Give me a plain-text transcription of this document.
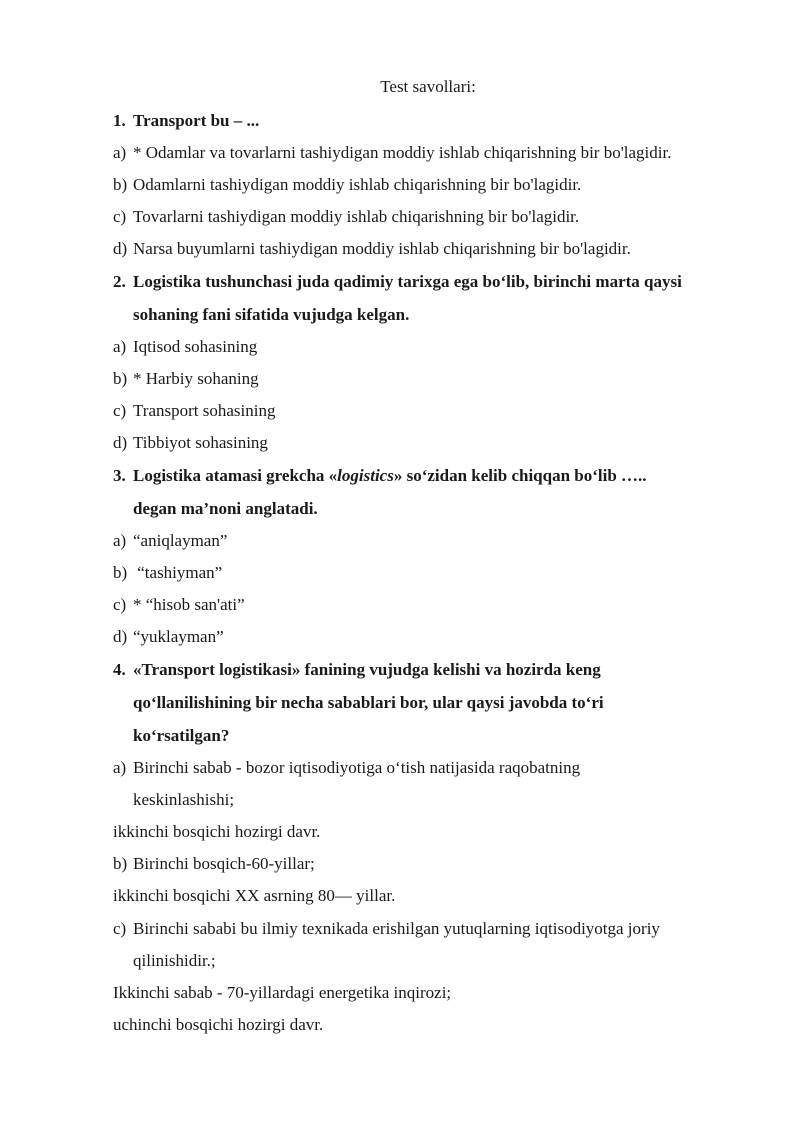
Test savollari:
1. Transport bu – ...
a) * Odamlar va tovarlarni tashiydigan moddiy ishlab chiqarishning bir bo'lagidir.
b) Odamlarni tashiydigan moddiy ishlab chiqarishning bir bo'lagidir.
c) Tovarlarni tashiydigan moddiy ishlab chiqarishning bir bo'lagidir.
d) Narsa buyumlarni tashiydigan moddiy ishlab chiqarishning bir bo'lagidir.
2. Logistika tushunchasi juda qadimiy tarixga ega bo‘lib, birinchi marta qaysi
sohaning fani sifatida vujudga kelgan.
a) Iqtisod sohasining
b) * Harbiy sohaning
c) Transport sohasining
d) Tibbiyot sohasining
3. Logistika atamasi grekcha «logistics» so‘zidan kelib chiqqan bo‘lib …..
degan ma’noni anglatadi.
a) “aniqlayman”
b) “tashiyman”
c) * “hisob san'ati”
d) “yuklayman”
4. «Transport logistikasi» fanining vujudga kelishi va hozirda keng
qo‘llanilishining bir necha sabablari bor, ular qaysi javobda to‘ri
ko‘rsatilgan?
a) Birinchi sabab - bozor iqtisodiyotiga o‘tish natijasida raqobatning
keskinlashishi;
ikkinchi bosqichi hozirgi davr.
b) Birinchi bosqich-60-yillar;
ikkinchi bosqichi XX asrning 80— yillar.
c) Birinchi sababi bu ilmiy texnikada erishilgan yutuqlarning iqtisodiyotga joriy
qilinishidir.;
Ikkinchi sabab - 70-yillardagi energetika inqirozi;
uchinchi bosqichi hozirgi davr.
